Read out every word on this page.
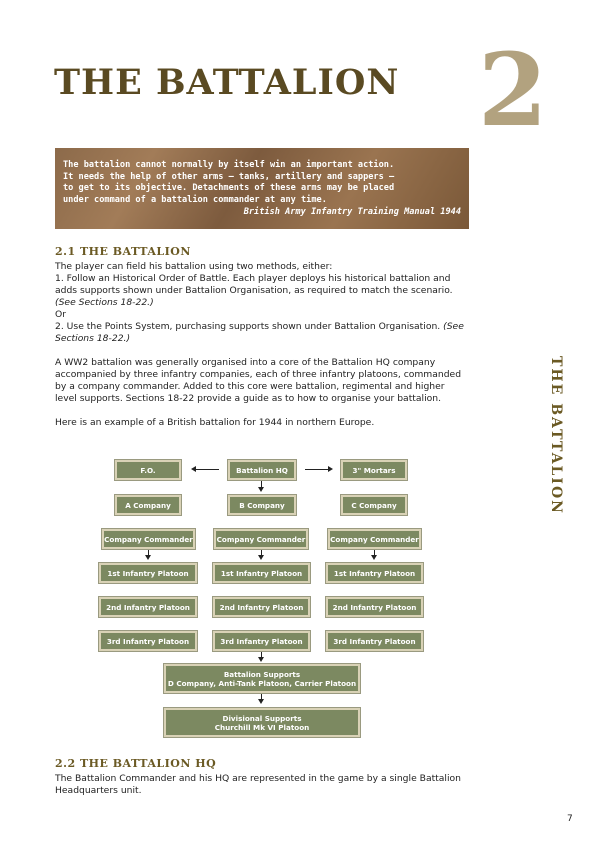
THE BATTALION 2
The battalion cannot normally by itself win an important action.
It needs the help of other arms – tanks, artillery and sappers –
to get to its objective. Detachments of these arms may be placed
under command of a battalion commander at any time.
British Army Infantry Training Manual 1944
2.1 THE BATTALION

The player can field his battalion using two methods, either:

1. Follow an Historical Order of Battle. Each player deploys his historical battalion and adds supports shown under Battalion Organisation, as required to match the scenario. (See Sections 18-22.)

Or

2. Use the Points System, purchasing supports shown under Battalion Organisation. (See Sections 18-22.)

A WW2 battalion was generally organised into a core of the Battalion HQ company accompanied by three infantry companies, each of three infantry platoons, commanded by a company commander. Added to this core were battalion, regimental and higher level supports. Sections 18-22 provide a guide as to how to organise your battalion.

Here is an example of a British battalion for 1944 in northern Europe.	THE BATTALION
F.O.	Battalion HQ	3" Mortars
A Company	B Company	C Company
Company Commander	Company Commander	Company Commander
1st Infantry Platoon	1st Infantry Platoon	1st Infantry Platoon
2nd Infantry Platoon	2nd Infantry Platoon	2nd Infantry Platoon
3rd Infantry Platoon	3rd Infantry Platoon	3rd Infantry Platoon
Battalion Supports
D Company, Anti-Tank Platoon, Carrier Platoon
Divisional Supports
Churchill Mk VI Platoon
2.2 THE BATTALION HQ
The Battalion Commander and his HQ are represented in the game by a single Battalion Headquarters unit.
7
